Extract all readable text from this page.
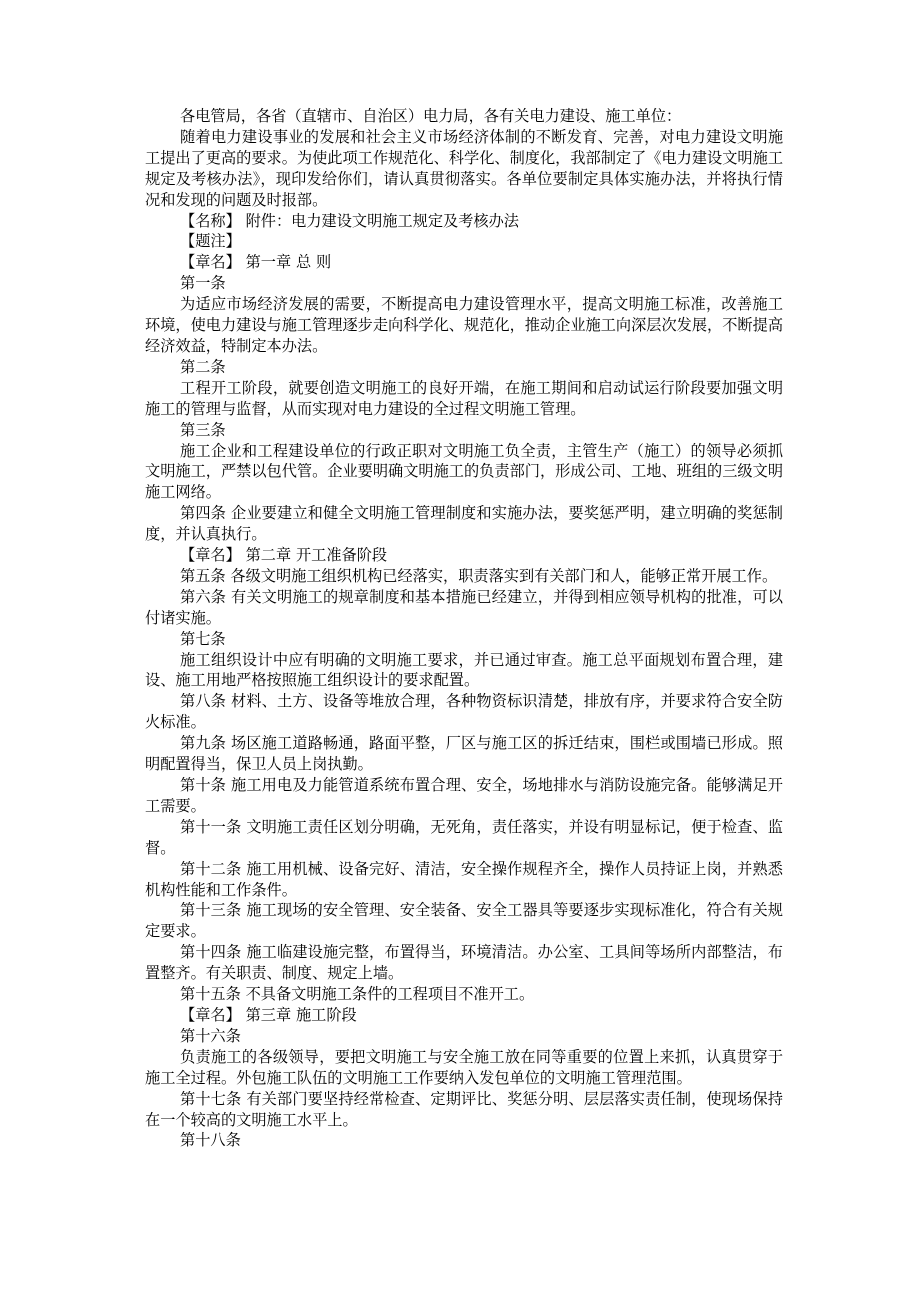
各电管局，各省（直辖市、自治区）电力局，各有关电力建设、施工单位：

随着电力建设事业的发展和社会主义市场经济体制的不断发育、完善，对电力建设文明施工提出了更高的要求。为使此项工作规范化、科学化、制度化，我部制定了《电力建设文明施工规定及考核办法》，现印发给你们，请认真贯彻落实。各单位要制定具体实施办法，并将执行情况和发现的问题及时报部。

【名称】 附件：电力建设文明施工规定及考核办法

【题注】

【章名】 第一章 总 则

第一条

为适应市场经济发展的需要，不断提高电力建设管理水平，提高文明施工标准，改善施工环境，使电力建设与施工管理逐步走向科学化、规范化，推动企业施工向深层次发展，不断提高经济效益，特制定本办法。

第二条

工程开工阶段，就要创造文明施工的良好开端，在施工期间和启动试运行阶段要加强文明施工的管理与监督，从而实现对电力建设的全过程文明施工管理。

第三条

施工企业和工程建设单位的行政正职对文明施工负全责，主管生产（施工）的领导必须抓文明施工，严禁以包代管。企业要明确文明施工的负责部门，形成公司、工地、班组的三级文明施工网络。

第四条 企业要建立和健全文明施工管理制度和实施办法，要奖惩严明，建立明确的奖惩制度，并认真执行。

【章名】 第二章 开工准备阶段

第五条 各级文明施工组织机构已经落实，职责落实到有关部门和人，能够正常开展工作。

第六条 有关文明施工的规章制度和基本措施已经建立，并得到相应领导机构的批准，可以付诸实施。

第七条

施工组织设计中应有明确的文明施工要求，并已通过审查。施工总平面规划布置合理，建设、施工用地严格按照施工组织设计的要求配置。

第八条 材料、土方、设备等堆放合理，各种物资标识清楚，排放有序，并要求符合安全防火标准。

第九条 场区施工道路畅通，路面平整，厂区与施工区的拆迁结束，围栏或围墙已形成。照明配置得当，保卫人员上岗执勤。

第十条 施工用电及力能管道系统布置合理、安全，场地排水与消防设施完备。能够满足开工需要。

第十一条 文明施工责任区划分明确，无死角，责任落实，并设有明显标记，便于检查、监督。

第十二条 施工用机械、设备完好、清洁，安全操作规程齐全，操作人员持证上岗，并熟悉机构性能和工作条件。

第十三条 施工现场的安全管理、安全装备、安全工器具等要逐步实现标准化，符合有关规定要求。

第十四条 施工临建设施完整，布置得当，环境清洁。办公室、工具间等场所内部整洁，布置整齐。有关职责、制度、规定上墙。

第十五条 不具备文明施工条件的工程项目不准开工。

【章名】 第三章 施工阶段

第十六条

负责施工的各级领导，要把文明施工与安全施工放在同等重要的位置上来抓，认真贯穿于施工全过程。外包施工队伍的文明施工工作要纳入发包单位的文明施工管理范围。

第十七条 有关部门要坚持经常检查、定期评比、奖惩分明、层层落实责任制，使现场保持在一个较高的文明施工水平上。

第十八条
